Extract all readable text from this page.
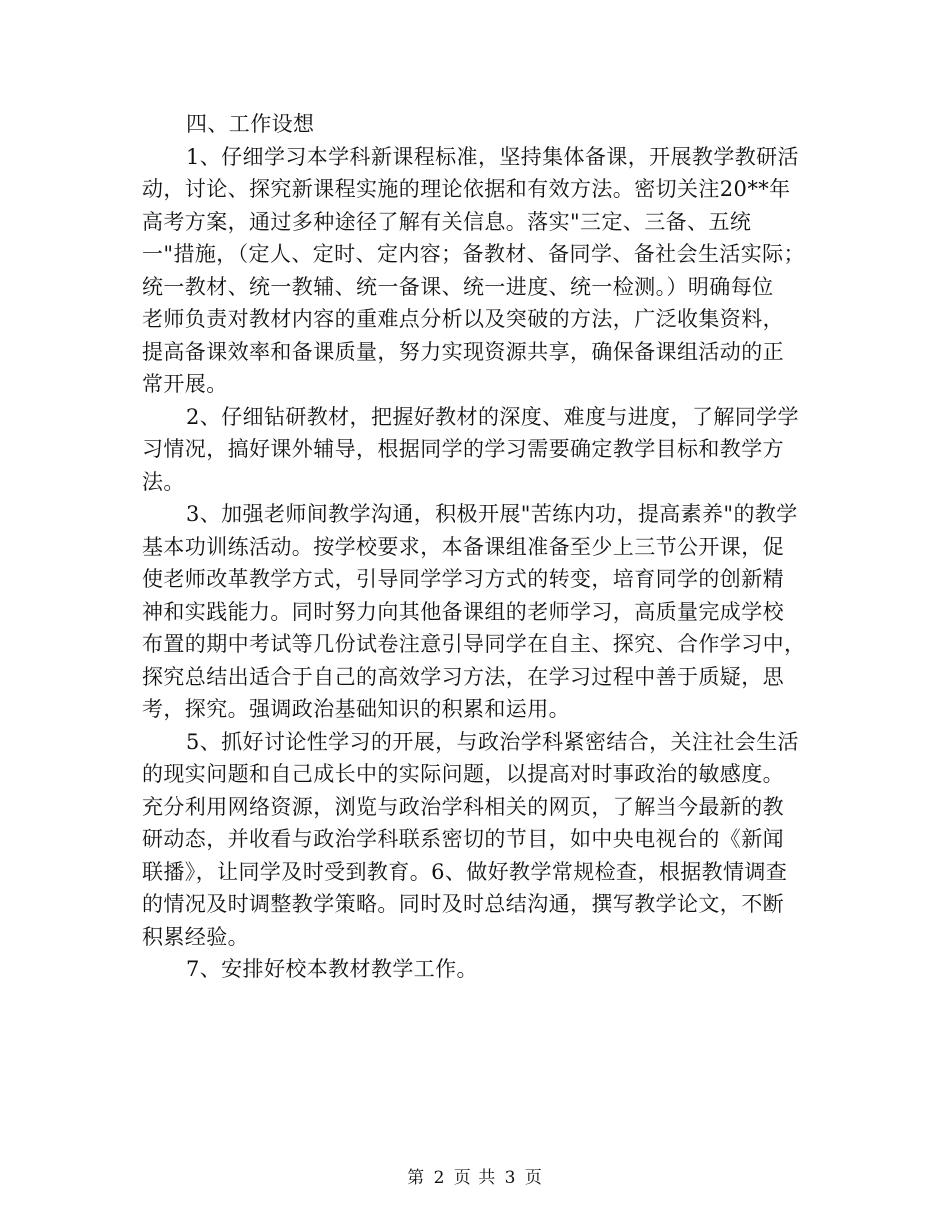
四、工作设想

1、仔细学习本学科新课程标准，坚持集体备课，开展教学教研活

动，讨论、探究新课程实施的理论依据和有效方法。密切关注20**年

高考方案，通过多种途径了解有关信息。落实"三定、三备、五统

一"措施，（定人、定时、定内容；备教材、备同学、备社会生活实际；

统一教材、统一教辅、统一备课、统一进度、统一检测。）明确每位

老师负责对教材内容的重难点分析以及突破的方法，广泛收集资料，

提高备课效率和备课质量，努力实现资源共享，确保备课组活动的正

常开展。

2、仔细钻研教材，把握好教材的深度、难度与进度，了解同学学

习情况，搞好课外辅导，根据同学的学习需要确定教学目标和教学方

法。

3、加强老师间教学沟通，积极开展"苦练内功，提高素养"的教学

基本功训练活动。按学校要求，本备课组准备至少上三节公开课，促

使老师改革教学方式，引导同学学习方式的转变，培育同学的创新精

神和实践能力。同时努力向其他备课组的老师学习，高质量完成学校

布置的期中考试等几份试卷注意引导同学在自主、探究、合作学习中，

探究总结出适合于自己的高效学习方法，在学习过程中善于质疑，思

考，探究。强调政治基础知识的积累和运用。

5、抓好讨论性学习的开展，与政治学科紧密结合，关注社会生活

的现实问题和自己成长中的实际问题，以提高对时事政治的敏感度。

充分利用网络资源，浏览与政治学科相关的网页，了解当今最新的教

研动态，并收看与政治学科联系密切的节目，如中央电视台的《新闻

联播》，让同学及时受到教育。6、做好教学常规检查，根据教情调查

的情况及时调整教学策略。同时及时总结沟通，撰写教学论文，不断

积累经验。

7、安排好校本教材教学工作。

第 2 页 共 3 页
